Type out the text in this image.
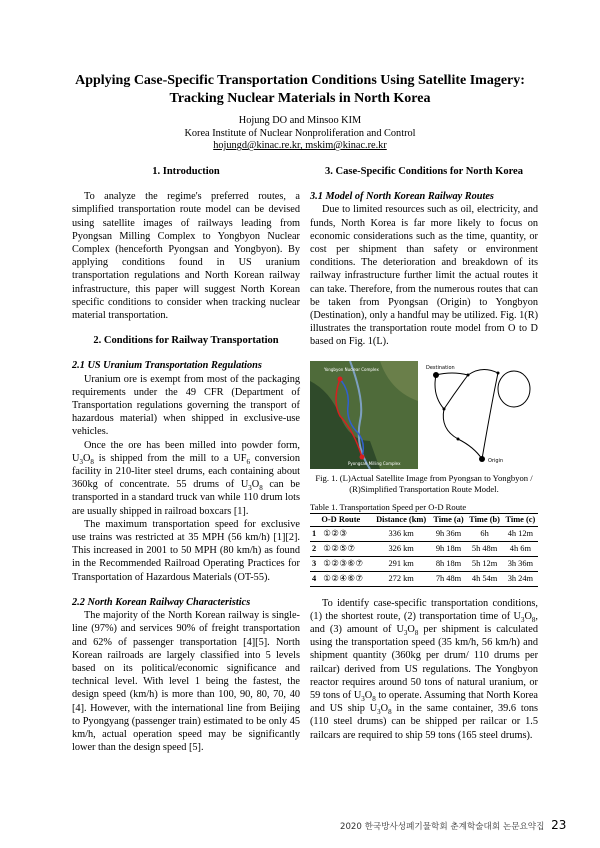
Applying Case-Specific Transportation Conditions Using Satellite Imagery:
Tracking Nuclear Materials in North Korea
Hojung DO and Minsoo KIM
Korea Institute of Nuclear Nonproliferation and Control
hojungd@kinac.re.kr, mskim@kinac.re.kr
1. Introduction

To analyze the regime's preferred routes, a simplified transportation route model can be devised using satellite images of railways leading from Pyongsan Milling Complex to Yongbyon Nuclear Complex (henceforth Pyongsan and Yongbyon). By applying conditions found in US uranium transportation regulations and North Korean railway infrastructure, this paper will suggest North Korean specific conditions to consider when tracking nuclear material transportation.

2. Conditions for Railway Transportation
2.1 US Uranium Transportation Regulations

Uranium ore is exempt from most of the packaging requirements under the 49 CFR (Department of Transportation regulations governing the transport of hazardous material) when shipped in exclusive-use vehicles.

Once the ore has been milled into powder form, $U_3O_8$ is shipped from the mill to a $UF_6$ conversion facility in 210-liter steel drums, each containing about 360kg of concentrate. 55 drums of $U_3O_8$ can be transported in a standard truck van while 110 drum lots are usually shipped in railroad boxcars [1].

The maximum transportation speed for exclusive use trains was restricted at 35 MPH (56 km/h) [1][2]. This increased in 2001 to 50 MPH (80 km/h) as found in the Recommended Railroad Operating Practices for Transportation of Hazardous Materials (OT-55).

2.2 North Korean Railway Characteristics

The majority of the North Korean railway is single-line (97%) and services 90% of freight transportation and 62% of passenger transportation [4][5]. North Korean railroads are largely classified into 5 levels based on its political/economic significance and technical level. With level 1 being the fastest, the design speed (km/h) is more than 100, 90, 80, 70, 40 [4]. However, with the international line from Beijing to Pyongyang (passenger train) estimated to be only 45 km/h, actual operation speed may be significantly lower than the design speed [5].

3. Case-Specific Conditions for North Korea
3.1 Model of North Korean Railway Routes

Due to limited resources such as oil, electricity, and funds, North Korea is far more likely to focus on economic considerations such as the time, quantity, or cost per shipment than safety or environment conditions. The deterioration and breakdown of its railway infrastructure further limit the actual routes it can take. Therefore, from the numerous routes that can be taken from Pyongsan (Origin) to Yongbyon (Destination), only a handful may be utilized. Fig. 1(R) illustrates the transportation route model from O to D based on Fig. 1(L).

Yongbyon Nuclear Complex
Pyongsan Milling Complex
Destination
Origin
Fig. 1. (L)Actual Satellite Image from Pyongsan to Yongbyon / (R)Simplified Transportation Route Model.
Table 1. Transportation Speed per O-D Route
O-D Route		Distance (km)	Time (a)	Time (b)	Time (c)
1	①②③	336 km	9h 36m	6h	4h 12m
2	①②⑤⑦	326 km	9h 18m	5h 48m	4h 6m
3	①②③⑥⑦	291 km	8h 18m	5h 12m	3h 36m
4	①②④⑥⑦	272 km	7h 48m	4h 54m	3h 24m

To identify case-specific transportation conditions, (1) the shortest route, (2) transportation time of $U_3O_8$, and (3) amount of $U_3O_8$ per shipment is calculated using the transportation speed (35 km/h, 56 km/h) and shipment quantity (360kg per drum/ 110 drums per railcar) derived from US regulations. The Yongbyon reactor requires around 50 tons of natural uranium, or 59 tons of $U_3O_8$ to operate. Assuming that North Korea and US ship $U_3O_8$ in the same container, 39.6 tons (110 steel drums) can be shipped per railcar or 1.5 railcars are required to ship 59 tons (165 steel drums).

2020 한국방사성폐기물학회 춘계학술대회 논문요약집 23
